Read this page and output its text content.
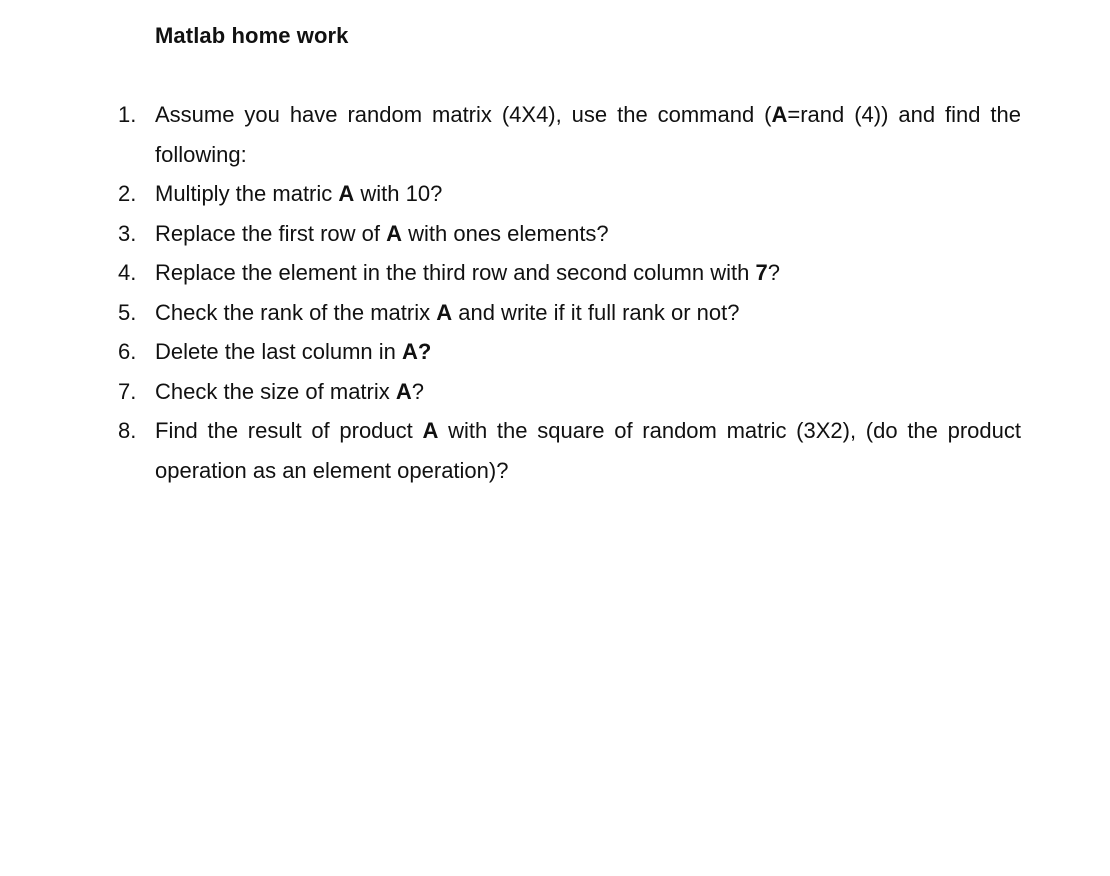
Matlab home work
1. Assume you have random matrix (4X4), use the command (A=rand (4)) and find the following:
2. Multiply the matric A with 10?
3. Replace the first row of A with ones elements?
4. Replace the element in the third row and second column with 7?
5. Check the rank of the matrix A and write if it full rank or not?
6. Delete the last column in A?
7. Check the size of matrix A?
8. Find the result of product A with the square of random matric (3X2), (do the product operation as an element operation)?
